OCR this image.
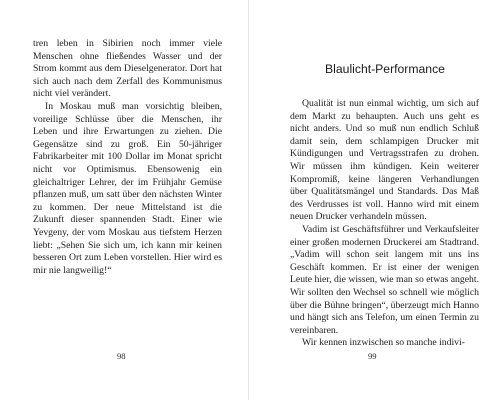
tren leben in Sibirien noch immer viele Menschen ohne fließendes Wasser und der Strom kommt aus dem Dieselgenerator. Dort hat sich auch nach dem Zerfall des Kommunismus nicht viel verändert.

In Moskau muß man vorsichtig bleiben, voreilige Schlüsse über die Menschen, ihr Leben und ihre Erwartungen zu ziehen. Die Gegensätze sind zu groß. Ein 50-jähriger Fabrikarbeiter mit 100 Dollar im Monat spricht nicht vor Optimismus. Ebensowenig ein gleichaltriger Lehrer, der im Frühjahr Gemüse pflanzen muß, um satt über den nächsten Winter zu kommen. Der neue Mittelstand ist die Zukunft dieser spannenden Stadt. Einer wie Yevgeny, der vom Moskau aus tiefstem Herzen liebt: „Sehen Sie sich um, ich kann mir keinen besseren Ort zum Leben vorstellen. Hier wird es mir nie langweilig!“

98
Blaulicht-Performance

Qualität ist nun einmal wichtig, um sich auf dem Markt zu behaupten. Auch uns geht es nicht anders. Und so muß nun endlich Schluß damit sein, dem schlampigen Drucker mit Kündigungen und Vertragsstrafen zu drohen. Wir müssen ihm kündigen. Kein weiterer Kompromiß, keine längeren Verhandlungen über Qualitätsmängel und Standards. Das Maß des Verdrusses ist voll. Hanno wird mit einem neuen Drucker verhandeln müssen.

Vadim ist Geschäftsführer und Verkaufsleiter einer großen modernen Druckerei am Stadtrand. „Vadim will schon seit langem mit uns ins Geschäft kommen. Er ist einer der wenigen Leute hier, die wissen, wie man so etwas angeht. Wir sollten den Wechsel so schnell wie möglich über die Bühne bringen“, überzeugt mich Hanno und hängt sich ans Telefon, um einen Termin zu vereinbaren.

Wir kennen inzwischen so manche indivi-

99
